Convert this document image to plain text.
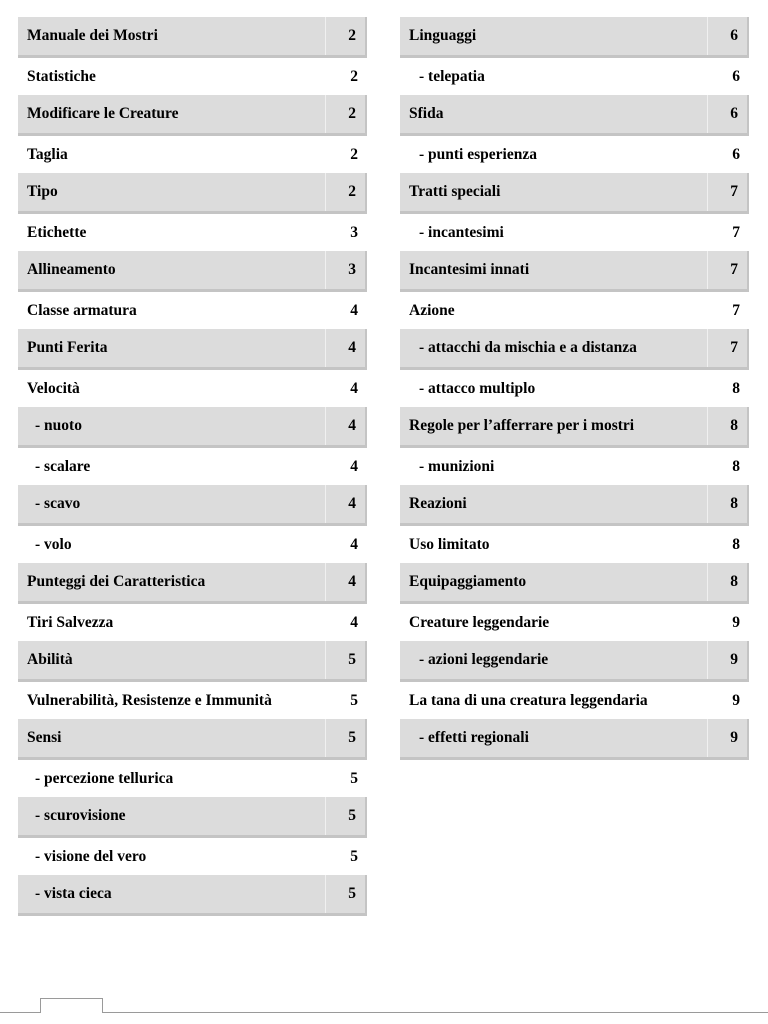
Manuale dei Mostri	2
Statistiche	2
Modificare le Creature	2
Taglia	2
Tipo	2
Etichette	3
Allineamento	3
Classe armatura	4
Punti Ferita	4
Velocità	4
- nuoto	4
- scalare	4
- scavo	4
- volo	4
Punteggi dei Caratteristica	4
Tiri Salvezza	4
Abilità	5
Vulnerabilità, Resistenze e Immunità	5
Sensi	5
- percezione tellurica	5
- scurovisione	5
- visione del vero	5
- vista cieca	5
Linguaggi	6
- telepatia	6
Sfida	6
- punti esperienza	6
Tratti speciali	7
- incantesimi	7
Incantesimi innati	7
Azione	7
- attacchi da mischia e a distanza	7
- attacco multiplo	8
Regole per l’afferrare per i mostri	8
- munizioni	8
Reazioni	8
Uso limitato	8
Equipaggiamento	8
Creature leggendarie	9
- azioni leggendarie	9
La tana di una creatura leggendaria	9
- effetti regionali	9
